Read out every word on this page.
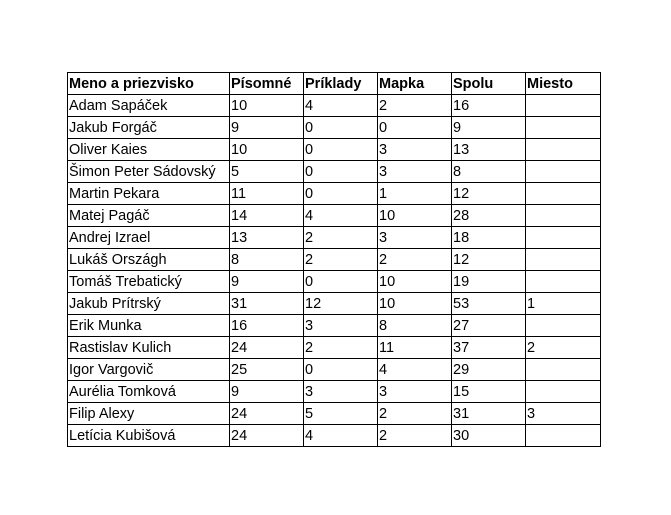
Meno a priezvisko	Písomné	Príklady	Mapka	Spolu	Miesto
Adam Sapáček	10	4	2	16	
Jakub Forgáč	9	0	0	9	
Oliver Kaies	10	0	3	13	
Šimon Peter Sádovský	5	0	3	8	
Martin Pekara	11	0	1	12	
Matej Pagáč	14	4	10	28	
Andrej Izrael	13	2	3	18	
Lukáš Országh	8	2	2	12	
Tomáš Trebatický	9	0	10	19	
Jakub Prítrský	31	12	10	53	1
Erik Munka	16	3	8	27	
Rastislav Kulich	24	2	11	37	2
Igor Vargovič	25	0	4	29	
Aurélia Tomková	9	3	3	15	
Filip Alexy	24	5	2	31	3
Letícia Kubišová	24	4	2	30	
